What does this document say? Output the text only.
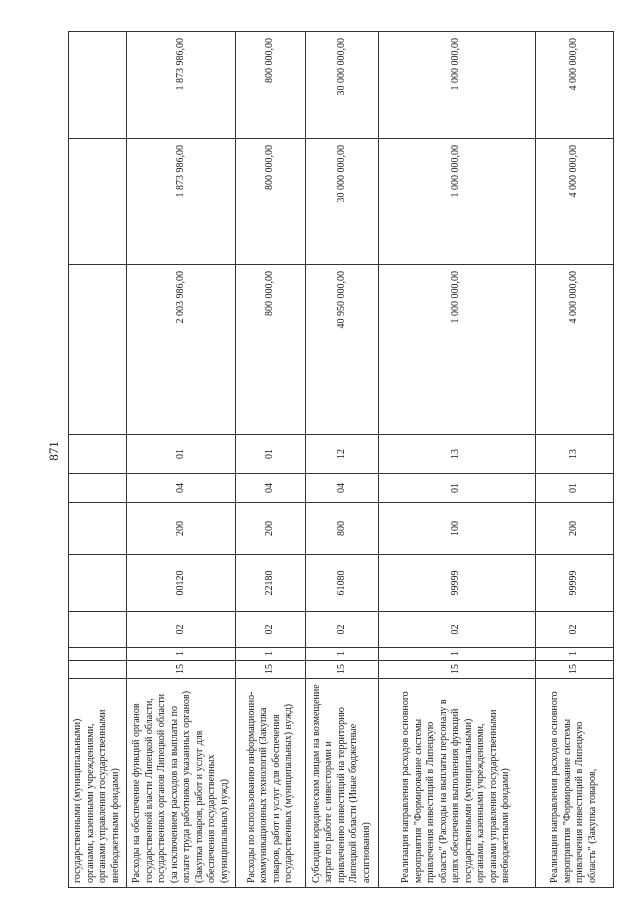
871
государственными (муниципальными) органами, казенными учреждениями, органами управления государственными внебюджетными фондами)										
Расходы на обеспечение функций органов государственной власти Липецкой области, государственных органов Липецкой области (за исключением расходов на выплаты по оплате труда работников указанных органов) (Закупка товаров, работ и услуг для обеспечения государственных (муниципальных) нужд)	15	1	02	00120	200	04	01	2 003 986,00	1 873 986,00	1 873 986,00
Расходы по использованию информационно-коммуникационных технологий (Закупка товаров, работ и услуг для обеспечения государственных (муниципальных) нужд)	15	1	02	22180	200	04	01	800 000,00	800 000,00	800 000,00
Субсидии юридическим лицам на возмещение затрат по работе с инвесторами и привлечению инвестиций на территорию Липецкой области (Иные бюджетные ассигнования)	15	1	02	61080	800	04	12	40 950 000,00	30 000 000,00	30 000 000,00
Реализация направления расходов основного мероприятия "Формирование системы привлечения инвестиций в Липецкую область" (Расходы на выплаты персоналу в целях обеспечения выполнения функций государственными (муниципальными) органами, казенными учреждениями, органами управления государственными внебюджетными фондами)	15	1	02	99999	100	01	13	1 000 000,00	1 000 000,00	1 000 000,00
Реализация направления расходов основного мероприятия "Формирование системы привлечения инвестиций в Липецкую область" (Закупка товаров,	15	1	02	99999	200	01	13	4 000 000,00	4 000 000,00	4 000 000,00
